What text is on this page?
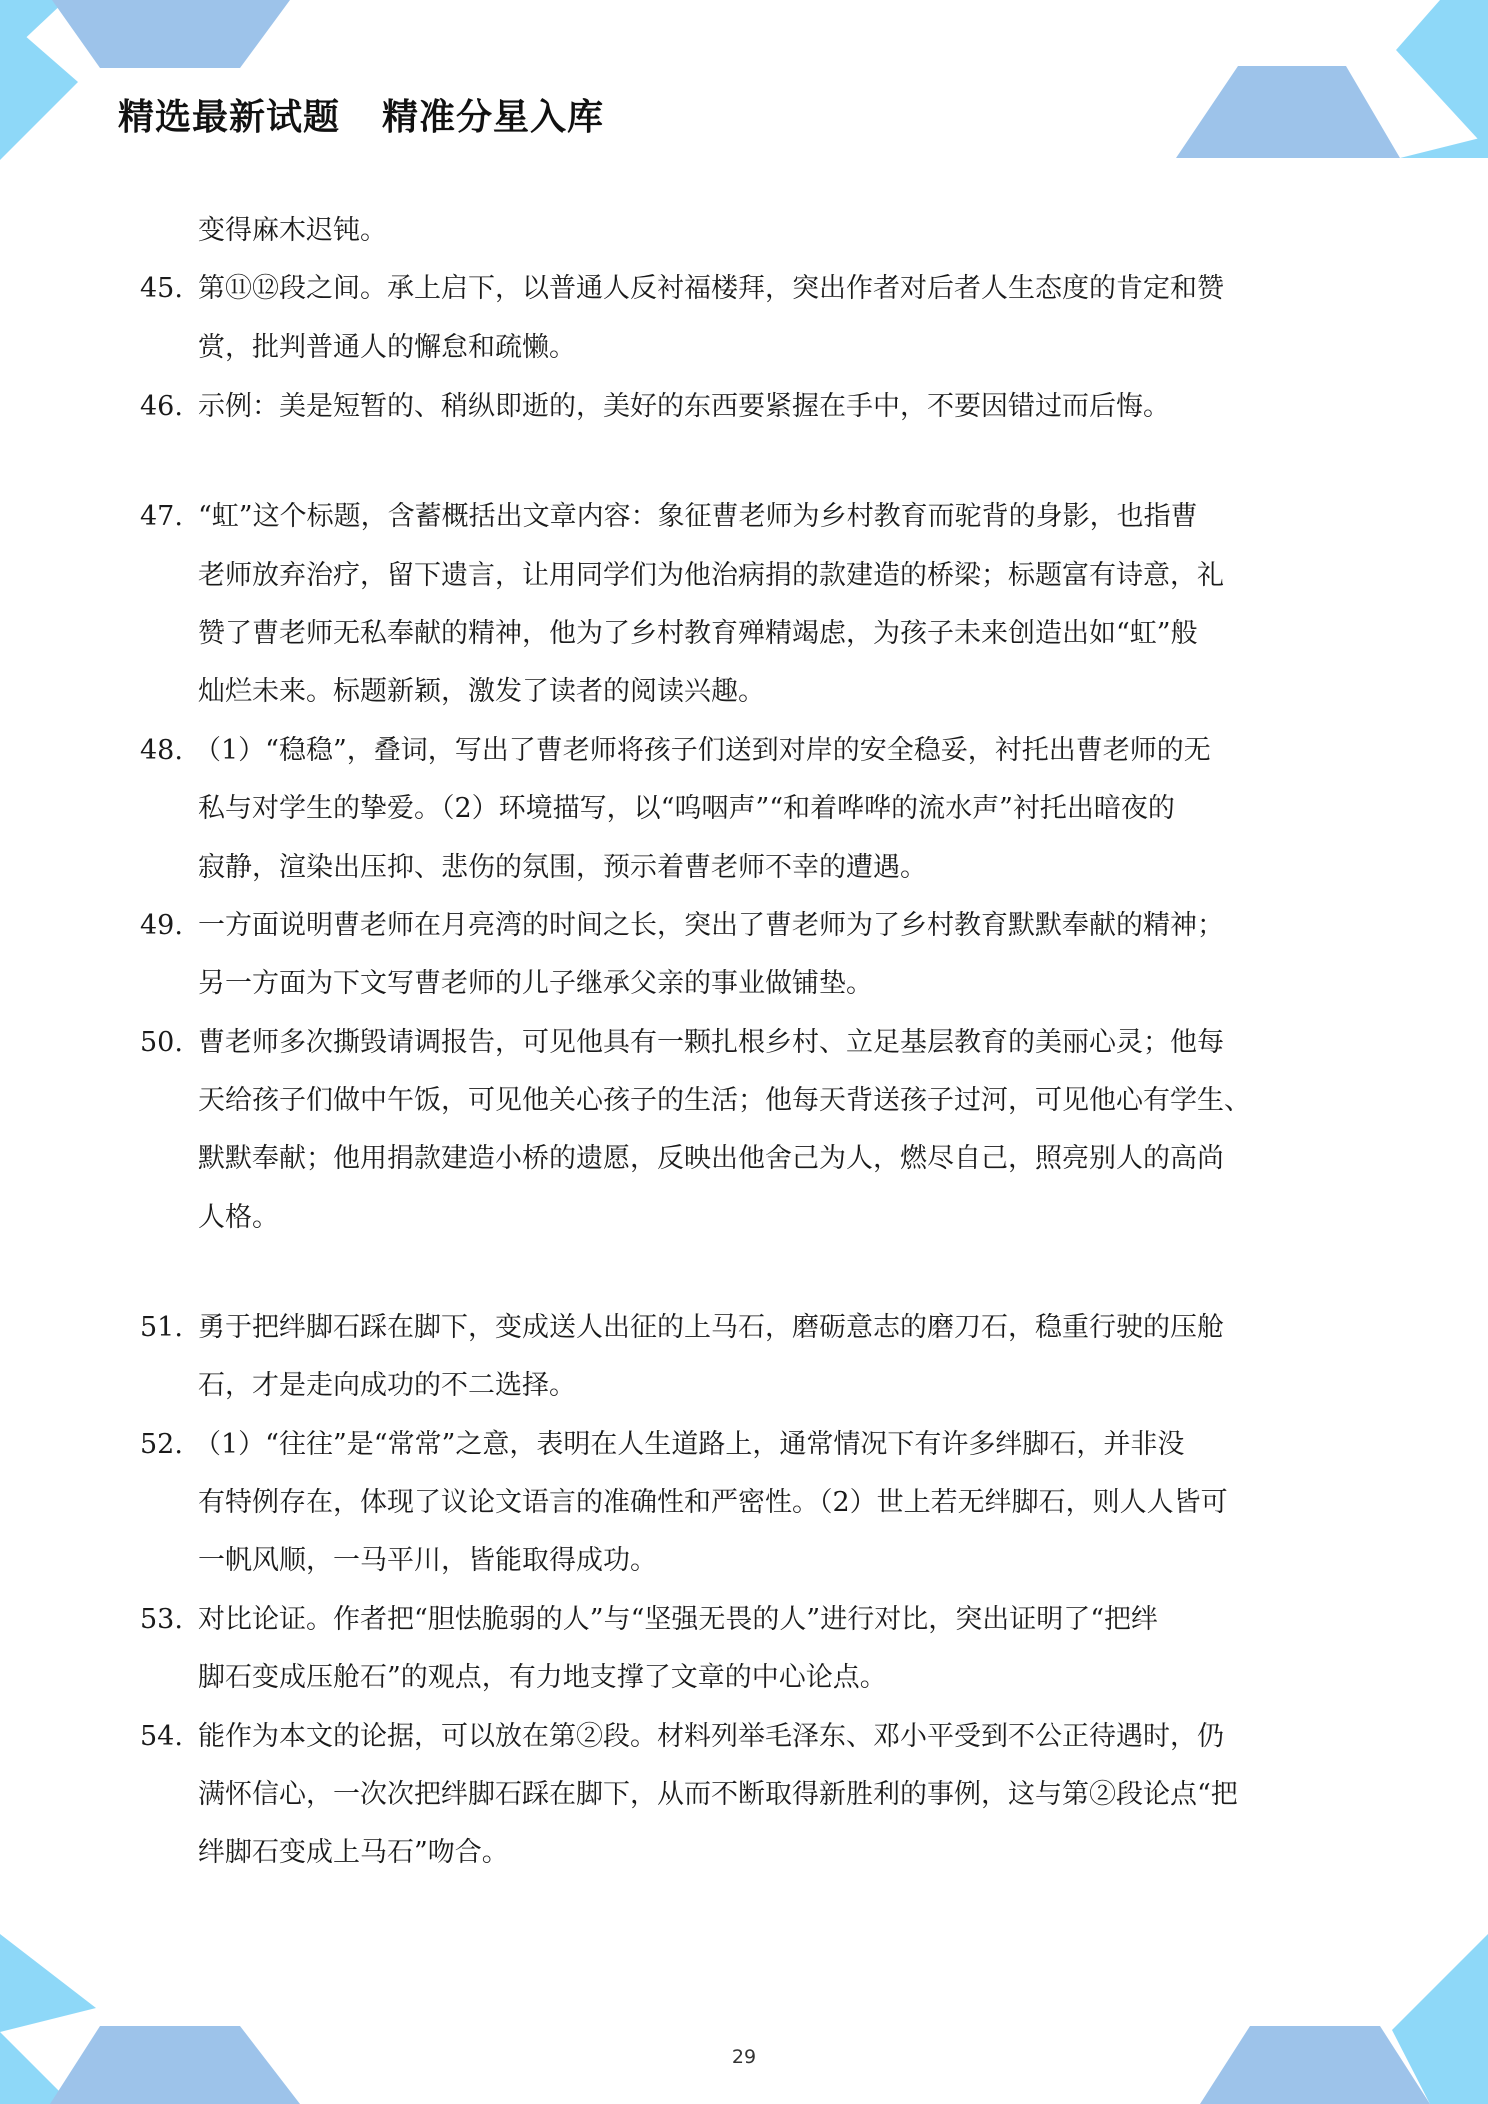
精选最新试题 精准分星入库
变得麻木迟钝。
45. 第⑪⑫段之间。承上启下，以普通人反衬福楼拜，突出作者对后者人生态度的肯定和赞
赏，批判普通人的懈怠和疏懒。
46. 示例：美是短暂的、稍纵即逝的，美好的东西要紧握在手中，不要因错过而后悔。
47. “虹”这个标题，含蓄概括出文章内容：象征曹老师为乡村教育而驼背的身影，也指曹
老师放弃治疗，留下遗言，让用同学们为他治病捐的款建造的桥梁；标题富有诗意，礼
赞了曹老师无私奉献的精神，他为了乡村教育殚精竭虑，为孩子未来创造出如“虹”般
灿烂未来。标题新颖，激发了读者的阅读兴趣。
48. （1）“稳稳”，叠词，写出了曹老师将孩子们送到对岸的安全稳妥，衬托出曹老师的无
私与对学生的挚爱。（2）环境描写，以“呜咽声”“和着哗哗的流水声”衬托出暗夜的
寂静，渲染出压抑、悲伤的氛围，预示着曹老师不幸的遭遇。
49. 一方面说明曹老师在月亮湾的时间之长，突出了曹老师为了乡村教育默默奉献的精神；
另一方面为下文写曹老师的儿子继承父亲的事业做铺垫。
50. 曹老师多次撕毁请调报告，可见他具有一颗扎根乡村、立足基层教育的美丽心灵；他每
天给孩子们做中午饭，可见他关心孩子的生活；他每天背送孩子过河，可见他心有学生、
默默奉献；他用捐款建造小桥的遗愿，反映出他舍己为人，燃尽自己，照亮别人的高尚
人格。
51. 勇于把绊脚石踩在脚下，变成送人出征的上马石，磨砺意志的磨刀石，稳重行驶的压舱
石，才是走向成功的不二选择。
52. （1）“往往”是“常常”之意，表明在人生道路上，通常情况下有许多绊脚石，并非没
有特例存在，体现了议论文语言的准确性和严密性。（2）世上若无绊脚石，则人人皆可
一帆风顺，一马平川，皆能取得成功。
53. 对比论证。作者把“胆怯脆弱的人”与“坚强无畏的人”进行对比，突出证明了“把绊
脚石变成压舱石”的观点，有力地支撑了文章的中心论点。
54. 能作为本文的论据，可以放在第②段。材料列举毛泽东、邓小平受到不公正待遇时，仍
满怀信心，一次次把绊脚石踩在脚下，从而不断取得新胜利的事例，这与第②段论点“把
绊脚石变成上马石”吻合。
29
